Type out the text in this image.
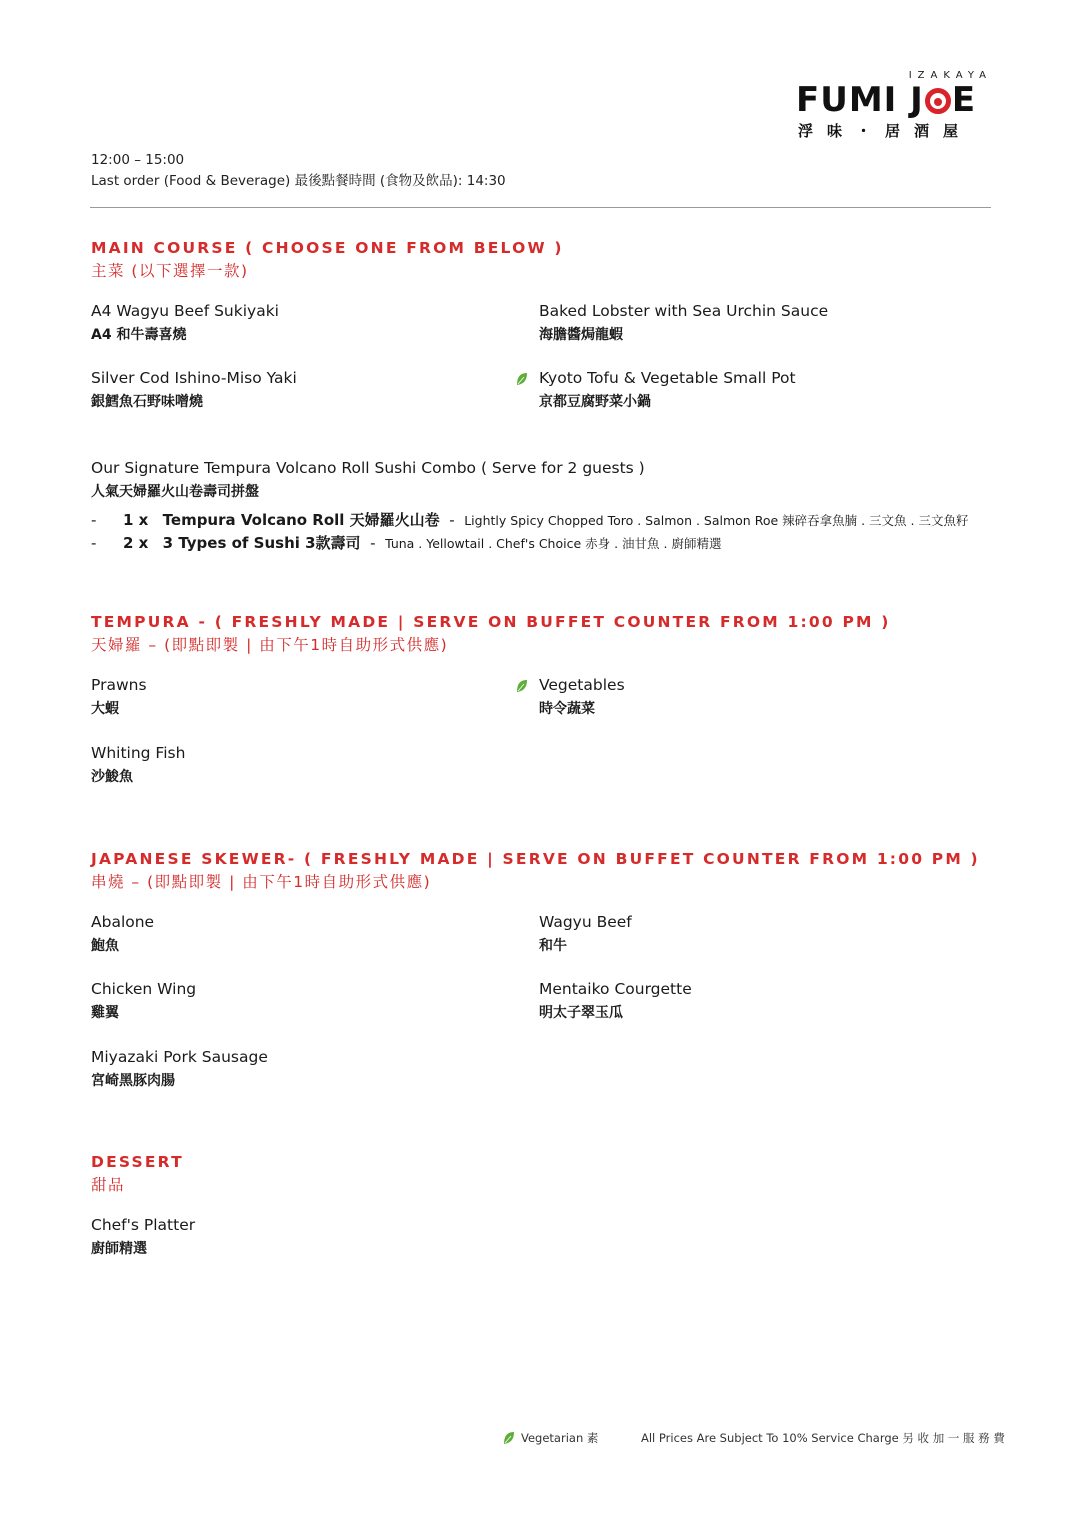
IZAKAYA
FUMI J E
浮味・居酒屋
12:00 – 15:00
Last order (Food & Beverage) 最後點餐時間 (食物及飲品): 14:30
MAIN COURSE ( CHOOSE ONE FROM BELOW )
主菜 (以下選擇一款)
A4 Wagyu Beef Sukiyaki
A4 和牛壽喜燒
Baked Lobster with Sea Urchin Sauce
海膽醬焗龍蝦
Silver Cod Ishino-Miso Yaki
銀鱈魚石野味噌燒
Kyoto Tofu & Vegetable Small Pot
京都豆腐野菜小鍋
Our Signature Tempura Volcano Roll Sushi Combo ( Serve for 2 guests )
人氣天婦羅火山卷壽司拼盤
- 1 x Tempura Volcano Roll 天婦羅火山卷 - Lightly Spicy Chopped Toro . Salmon . Salmon Roe 辣碎吞拿魚腩 . 三文魚 . 三文魚籽
- 2 x 3 Types of Sushi 3款壽司 - Tuna . Yellowtail . Chef's Choice 赤身 . 油甘魚 . 廚師精選
TEMPURA - ( FRESHLY MADE | SERVE ON BUFFET COUNTER FROM 1:00 PM )
天婦羅 – (即點即製 | 由下午1時自助形式供應)
Prawns
大蝦
Vegetables
時令蔬菜
Whiting Fish
沙鮻魚
JAPANESE SKEWER- ( FRESHLY MADE | SERVE ON BUFFET COUNTER FROM 1:00 PM )
串燒 – (即點即製 | 由下午1時自助形式供應)
Abalone
鮑魚
Wagyu Beef
和牛
Chicken Wing
雞翼
Mentaiko Courgette
明太子翠玉瓜
Miyazaki Pork Sausage
宮崎黑豚肉腸
DESSERT
甜品
Chef's Platter
廚師精選
Vegetarian 素	All Prices Are Subject To 10% Service Charge 另 收 加 一 服 務 費
